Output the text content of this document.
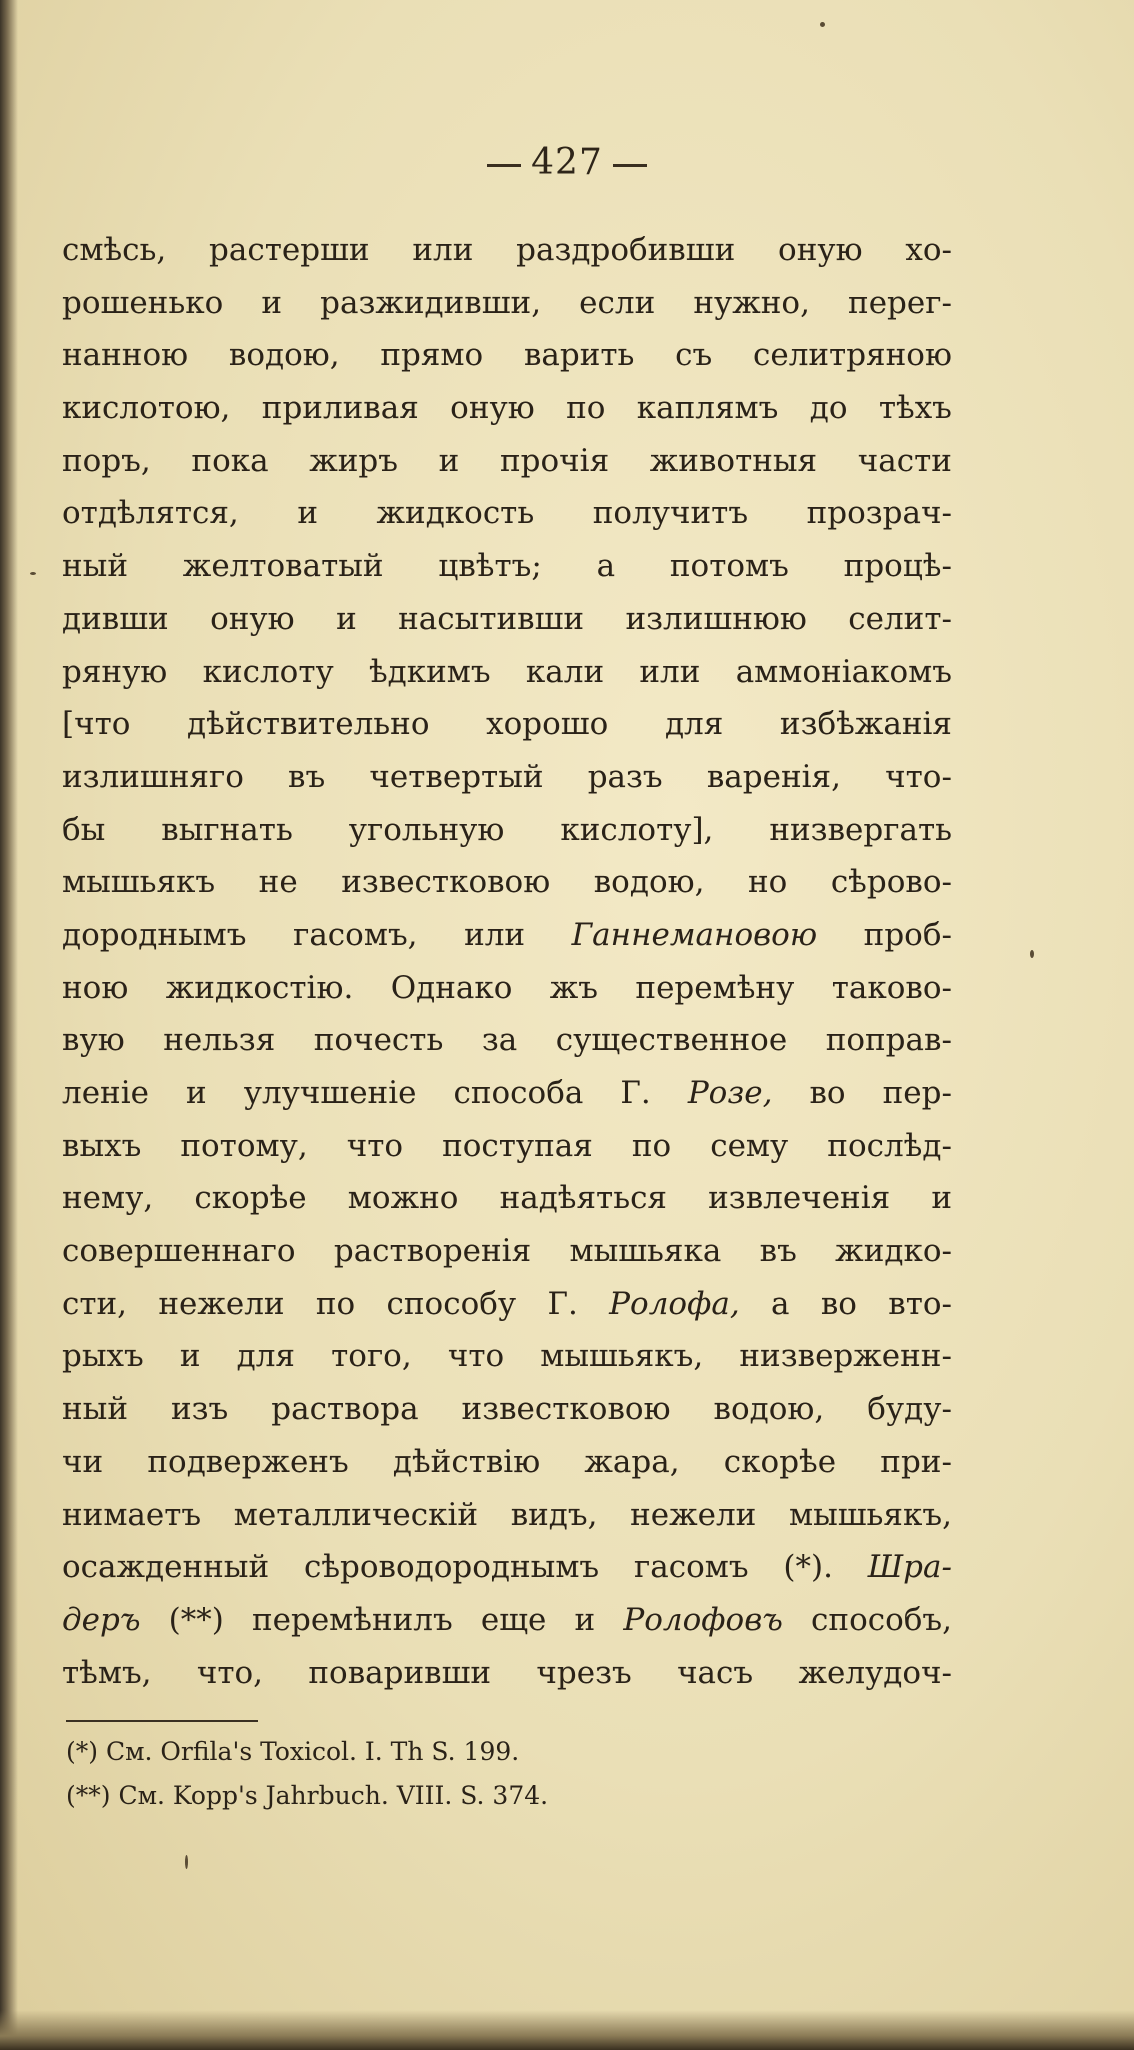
427
смѣсь, растерши или раздробивши оную хо-
рошенько и разжидивши, если нужно, перег-
нанною водою, прямо варить съ селитряною
кислотою, приливая оную по каплямъ до тѣхъ
поръ, пока жиръ и прочія животныя части
отдѣлятся, и жидкость получитъ прозрач-
ный желтоватый цвѣтъ; а потомъ процѣ-
дивши оную и насытивши излишнюю селит-
ряную кислоту ѣдкимъ кали или аммоніакомъ
[что дѣйствительно хорошо для избѣжанія
излишняго въ четвертый разъ варенія, что-
бы выгнать угольную кислоту], низвергать
мышьякъ не известковою водою, но сѣрово-
дороднымъ гасомъ, или Ганнемановою проб-
ною жидкостію. Однако жъ перемѣну таково-
вую нельзя почесть за существенное поправ-
леніе и улучшеніе способа Г. Розе, во пер-
выхъ потому, что поступая по сему послѣд-
нему, скорѣе можно надѣяться извлеченія и
совершеннаго растворенія мышьяка въ жидко-
сти, нежели по способу Г. Ролофа, а во вто-
рыхъ и для того, что мышьякъ, низверженн-
ный изъ раствора известковою водою, буду-
чи подверженъ дѣйствію жара, скорѣе при-
нимаетъ металлическій видъ, нежели мышьякъ,
осажденный сѣроводороднымъ гасомъ (*). Шра-
деръ (**) перемѣнилъ еще и Ролофовъ способъ,
тѣмъ, что, поваривши чрезъ часъ желудоч-
(*) См. Orfila's Toxicol. I. Th S. 199.
(**) См. Kopp's Jahrbuch. VIII. S. 374.
